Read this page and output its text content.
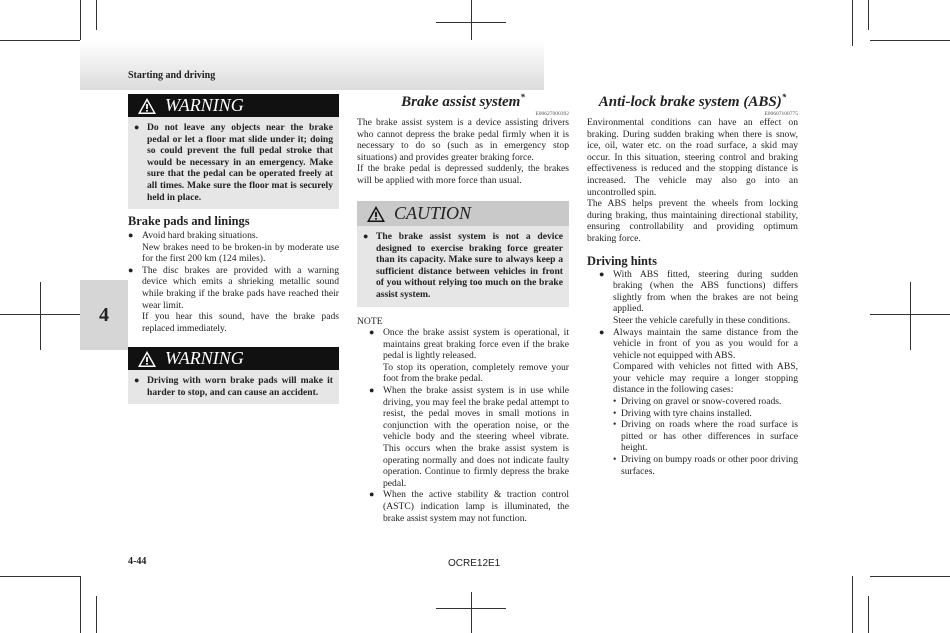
Starting and driving
4
WARNING
● Do not leave any objects near the brake pedal or let a floor mat slide under it; doing so could prevent the full pedal stroke that would be necessary in an emergency. Make sure that the pedal can be operated freely at all times. Make sure the floor mat is securely held in place.
Brake pads and linings
● Avoid hard braking situations.
New brakes need to be broken-in by moderate use for the first 200 km (124 miles).
● The disc brakes are provided with a warning device which emits a shrieking metallic sound while braking if the brake pads have reached their wear limit.
If you hear this sound, have the brake pads replaced immediately.
WARNING
● Driving with worn brake pads will make it harder to stop, and can cause an accident.
Brake assist system*
E00627000392
The brake assist system is a device assisting drivers who cannot depress the brake pedal firmly when it is necessary to do so (such as in emergency stop situations) and provides greater braking force.
If the brake pedal is depressed suddenly, the brakes will be applied with more force than usual.
CAUTION
● The brake assist system is not a device designed to exercise braking force greater than its capacity. Make sure to always keep a sufficient distance between vehicles in front of you without relying too much on the brake assist system.
NOTE
● Once the brake assist system is operational, it maintains great braking force even if the brake pedal is lightly released.
To stop its operation, completely remove your foot from the brake pedal.
● When the brake assist system is in use while driving, you may feel the brake pedal attempt to resist, the pedal moves in small motions in conjunction with the operation noise, or the vehicle body and the steering wheel vibrate. This occurs when the brake assist system is operating normally and does not indicate faulty operation. Continue to firmly depress the brake pedal.
● When the active stability & traction control (ASTC) indication lamp is illuminated, the brake assist system may not function.
Anti-lock brake system (ABS)*
E00607100775
Environmental conditions can have an effect on braking. During sudden braking when there is snow, ice, oil, water etc. on the road surface, a skid may occur. In this situation, steering control and braking effectiveness is reduced and the stopping distance is increased. The vehicle may also go into an uncontrolled spin.
The ABS helps prevent the wheels from locking during braking, thus maintaining directional stability, ensuring controllability and providing optimum braking force.
Driving hints
● With ABS fitted, steering during sudden braking (when the ABS functions) differs slightly from when the brakes are not being applied.
Steer the vehicle carefully in these conditions.
● Always maintain the same distance from the vehicle in front of you as you would for a vehicle not equipped with ABS.
Compared with vehicles not fitted with ABS, your vehicle may require a longer stopping distance in the following cases:
• Driving on gravel or snow-covered roads.
• Driving with tyre chains installed.
• Driving on roads where the road surface is pitted or has other differences in surface height.
• Driving on bumpy roads or other poor driving surfaces.
4-44	OCRE12E1
